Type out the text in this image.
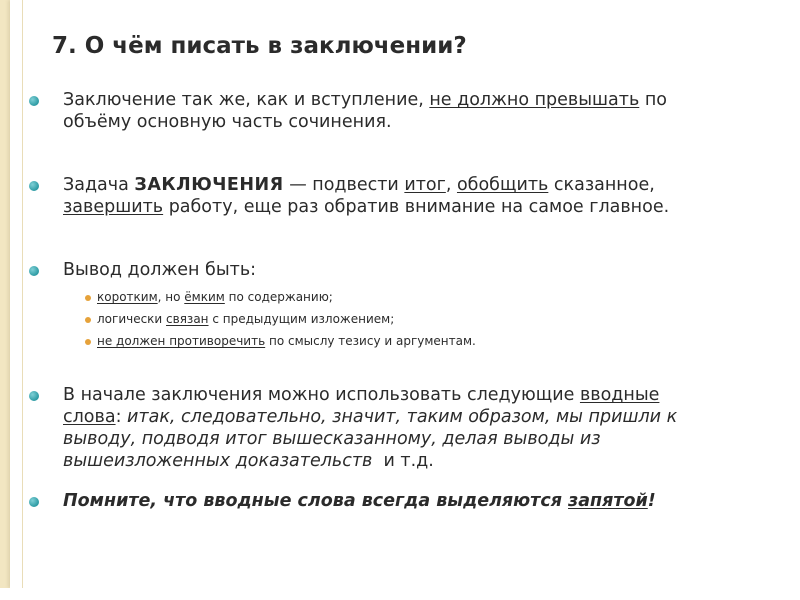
7. О чём писать в заключении?
Заключение так же, как и вступление, не должно превышать по
объёму основную часть сочинения.
Задача ЗАКЛЮЧЕНИЯ — подвести итог, обобщить сказанное,
завершить работу, еще раз обратив внимание на самое главное.
Вывод должен быть:
коротким, но ёмким по содержанию;
логически связан с предыдущим изложением;
не должен противоречить по смыслу тезису и аргументам.
В начале заключения можно использовать следующие вводные
слова: итак, следовательно, значит, таким образом, мы пришли к
выводу, подводя итог вышесказанному, делая выводы из
вышеизложенных доказательств  и т.д.
Помните, что вводные слова всегда выделяются запятой!
